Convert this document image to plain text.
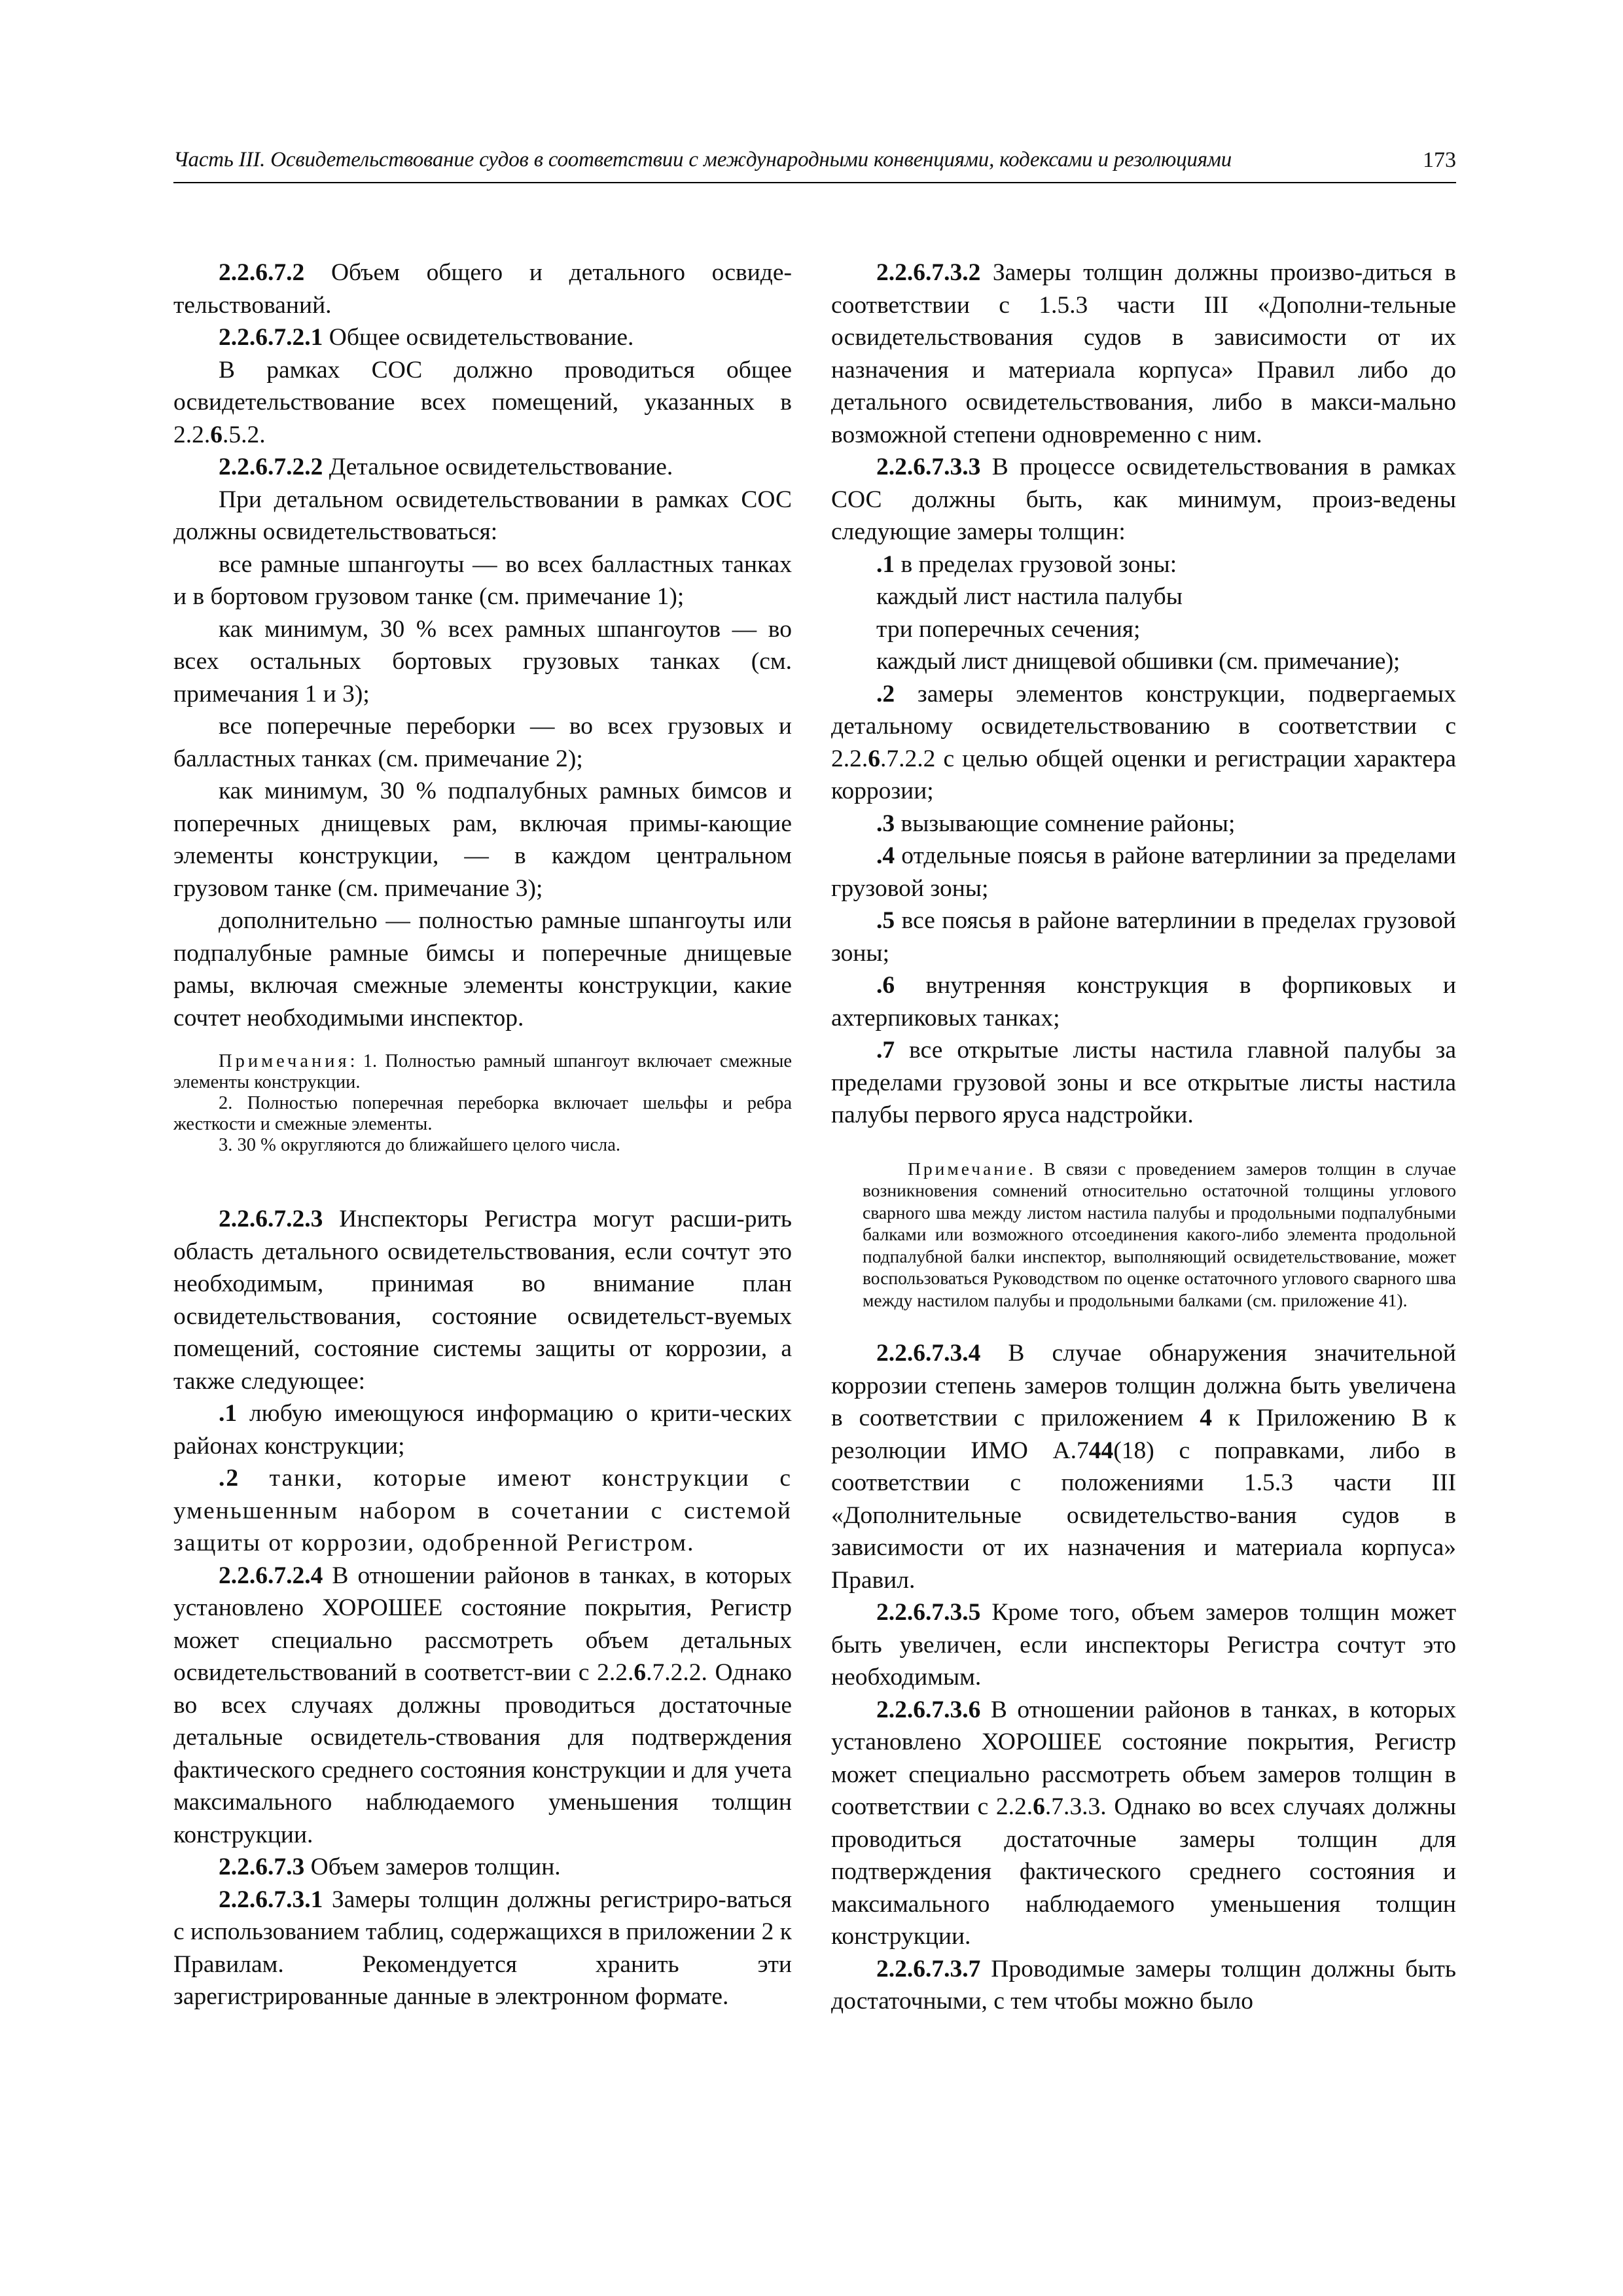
Часть III. Освидетельствование судов в соответствии с международными конвенциями, кодексами и резолюциями	173

2.2.6.7.2 Объем общего и детального освиде-тельствований.

2.2.6.7.2.1 Общее освидетельствование.

В рамках СОС должно проводиться общее освидетельствование всех помещений, указанных в 2.2.6.5.2.

2.2.6.7.2.2 Детальное освидетельствование.

При детальном освидетельствовании в рамках СОС должны освидетельствоваться:

все рамные шпангоуты — во всех балластных танках и в бортовом грузовом танке (см. примечание 1);

как минимум, 30 % всех рамных шпангоутов — во всех остальных бортовых грузовых танках (см. примечания 1 и 3);

все поперечные переборки — во всех грузовых и балластных танках (см. примечание 2);

как минимум, 30 % подпалубных рамных бимсов и поперечных днищевых рам, включая примы-кающие элементы конструкции, — в каждом центральном грузовом танке (см. примечание 3);

дополнительно — полностью рамные шпангоуты или подпалубные рамные бимсы и поперечные днищевые рамы, включая смежные элементы конструкции, какие сочтет необходимыми инспектор.

Примечания: 1. Полностью рамный шпангоут включает смежные элементы конструкции.

2. Полностью поперечная переборка включает шельфы и ребра жесткости и смежные элементы.

3. 30 % округляются до ближайшего целого числа.

2.2.6.7.2.3 Инспекторы Регистра могут расши-рить область детального освидетельствования, если сочтут это необходимым, принимая во внимание план освидетельствования, состояние освидетельст-вуемых помещений, состояние системы защиты от коррозии, а также следующее:

.1 любую имеющуюся информацию о крити-ческих районах конструкции;

.2 танки, которые имеют конструкции с уменьшенным набором в сочетании с системой защиты от коррозии, одобренной Регистром.

2.2.6.7.2.4 В отношении районов в танках, в которых установлено ХОРОШЕЕ состояние покрытия, Регистр может специально рассмотреть объем детальных освидетельствований в соответст-вии с 2.2.6.7.2.2. Однако во всех случаях должны проводиться достаточные детальные освидетель-ствования для подтверждения фактического среднего состояния конструкции и для учета максимального наблюдаемого уменьшения толщин конструкции.

2.2.6.7.3 Объем замеров толщин.

2.2.6.7.3.1 Замеры толщин должны регистриро-ваться с использованием таблиц, содержащихся в приложении 2 к Правилам. Рекомендуется хранить эти зарегистрированные данные в электронном формате.

2.2.6.7.3.2 Замеры толщин должны произво-диться в соответствии с 1.5.3 части III «Дополни-тельные освидетельствования судов в зависимости от их назначения и материала корпуса» Правил либо до детального освидетельствования, либо в макси-мально возможной степени одновременно с ним.

2.2.6.7.3.3 В процессе освидетельствования в рамках СОС должны быть, как минимум, произ-ведены следующие замеры толщин:

.1 в пределах грузовой зоны:

каждый лист настила палубы

три поперечных сечения;

каждый лист днищевой обшивки (см. примечание);

.2 замеры элементов конструкции, подвергаемых детальному освидетельствованию в соответствии с 2.2.6.7.2.2 с целью общей оценки и регистрации характера коррозии;

.3 вызывающие сомнение районы;

.4 отдельные поясья в районе ватерлинии за пределами грузовой зоны;

.5 все поясья в районе ватерлинии в пределах грузовой зоны;

.6 внутренняя конструкция в форпиковых и ахтерпиковых танках;

.7 все открытые листы настила главной палубы за пределами грузовой зоны и все открытые листы настила палубы первого яруса надстройки.

Примечание. В связи с проведением замеров толщин в случае возникновения сомнений относительно остаточной толщины углового сварного шва между листом настила палубы и продольными подпалубными балками или возможного отсоединения какого-либо элемента продольной подпалубной балки инспектор, выполняющий освидетельствование, может воспользоваться Руководством по оценке остаточного углового сварного шва между настилом палубы и продольными балками (см. приложение 41).

2.2.6.7.3.4 В случае обнаружения значительной коррозии степень замеров толщин должна быть увеличена в соответствии с приложением 4 к Приложению В к резолюции ИМО А.744(18) с поправками, либо в соответствии с положениями 1.5.3 части III «Дополнительные освидетельство-вания судов в зависимости от их назначения и материала корпуса» Правил.

2.2.6.7.3.5 Кроме того, объем замеров толщин может быть увеличен, если инспекторы Регистра сочтут это необходимым.

2.2.6.7.3.6 В отношении районов в танках, в которых установлено ХОРОШЕЕ состояние покрытия, Регистр может специально рассмотреть объем замеров толщин в соответствии с 2.2.6.7.3.3. Однако во всех случаях должны проводиться достаточные замеры толщин для подтверждения фактического среднего состояния и максимального наблюдаемого уменьшения толщин конструкции.

2.2.6.7.3.7 Проводимые замеры толщин должны быть достаточными, с тем чтобы можно было
